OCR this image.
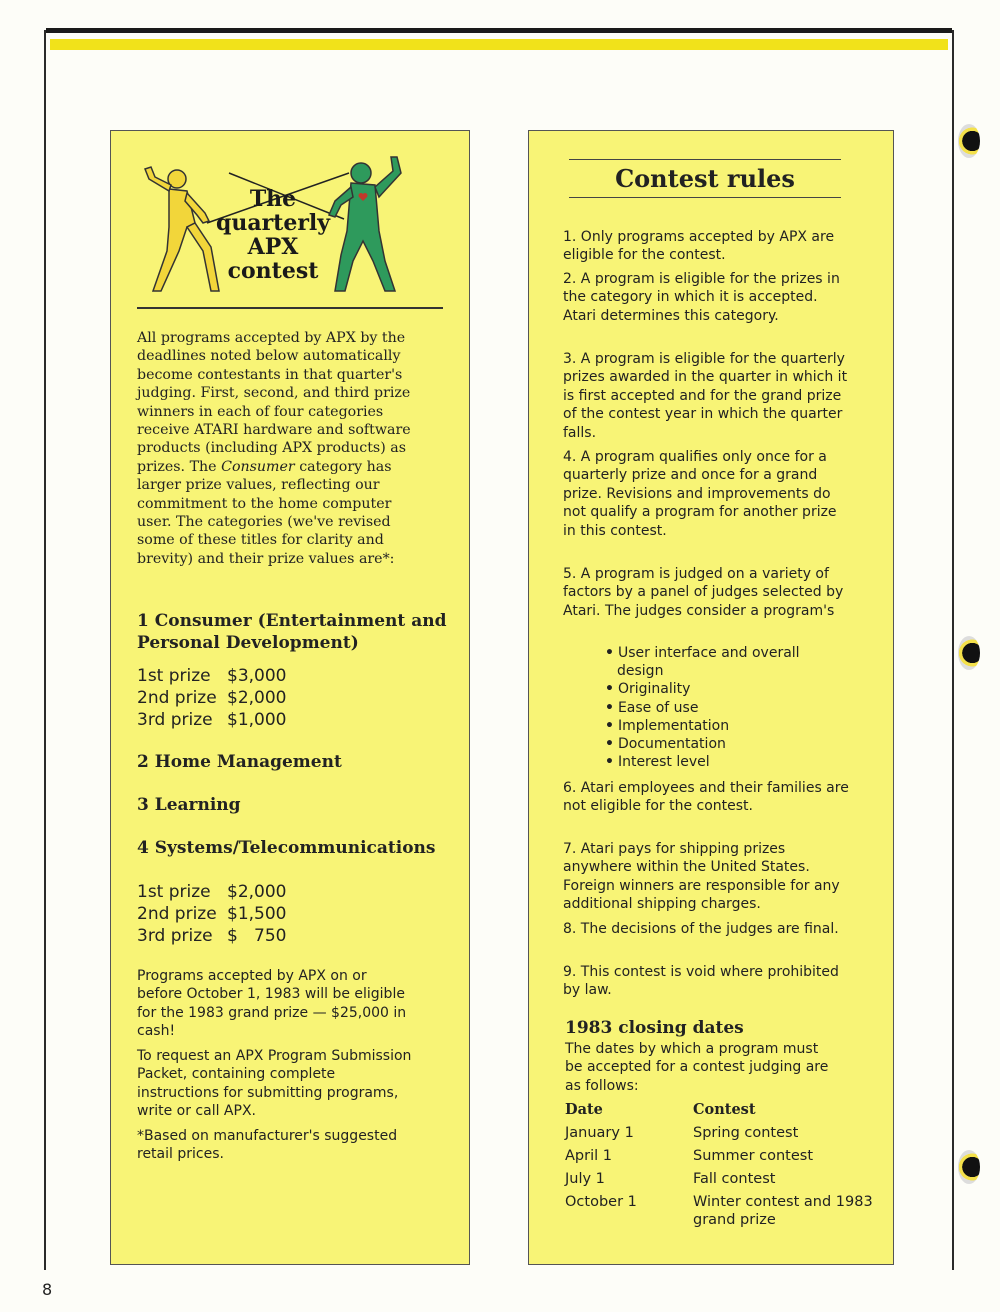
The
quarterly
APX
contest
All programs accepted by APX by the deadlines noted below automatically become contestants in that quarter's judging. First, second, and third prize winners in each of four categories receive ATARI hardware and software products (including APX products) as prizes. The Consumer category has larger prize values, reflecting our commitment to the home computer user. The categories (we've revised some of these titles for clarity and brevity) and their prize values are*:
1 Consumer (Entertainment and Personal Development)
1st prize $3,000
2nd prize $2,000
3rd prize $1,000
2 Home Management
3 Learning
4 Systems/Telecommunications
1st prize $2,000
2nd prize $1,500
3rd prize $   750
Programs accepted by APX on or before October 1, 1983 will be eligible for the 1983 grand prize — $25,000 in cash!
To request an APX Program Submission Packet, containing complete instructions for submitting programs, write or call APX.
*Based on manufacturer's suggested retail prices.
Contest rules
1. Only programs accepted by APX are eligible for the contest.
2. A program is eligible for the prizes in the category in which it is accepted. Atari determines this category.
3. A program is eligible for the quarterly prizes awarded in the quarter in which it is first accepted and for the grand prize of the contest year in which the quarter falls.
4. A program qualifies only once for a quarterly prize and once for a grand prize. Revisions and improvements do not qualify a program for another prize in this contest.
5. A program is judged on a variety of factors by a panel of judges selected by Atari. The judges consider a program's
• User interface and overall design
• Originality
• Ease of use
• Implementation
• Documentation
• Interest level
6. Atari employees and their families are not eligible for the contest.
7. Atari pays for shipping prizes anywhere within the United States. Foreign winners are responsible for any additional shipping charges.
8. The decisions of the judges are final.
9. This contest is void where prohibited by law.
1983 closing dates
The dates by which a program must be accepted for a contest judging are as follows:
Date	Contest
January 1	Spring contest
April 1	Summer contest
July 1	Fall contest
October 1	Winter contest and 1983 grand prize
8
